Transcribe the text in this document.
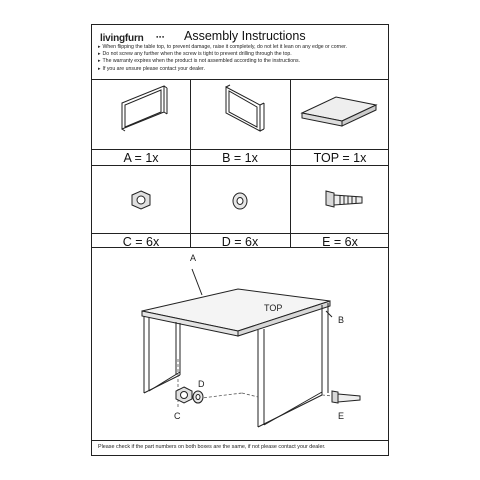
livingfurn	●●● Assembly Instructions
▸ When flipping the table top, to prevent damage, raise it completely, do not let it lean on any edge or corner.
▸ Do not screw any further when the screw is tight to prevent drilling through the top.
▸ The warranty expires when the product is not assembled according to the instructions.
▸ If you are unsure please contact your dealer.
A = 1x	B = 1x	TOP = 1x
C = 6x	D = 6x	E = 6x
A
TOP
B
C
D
E
Please check if the part numbers on both boxes are the same, if not please contact your dealer.
